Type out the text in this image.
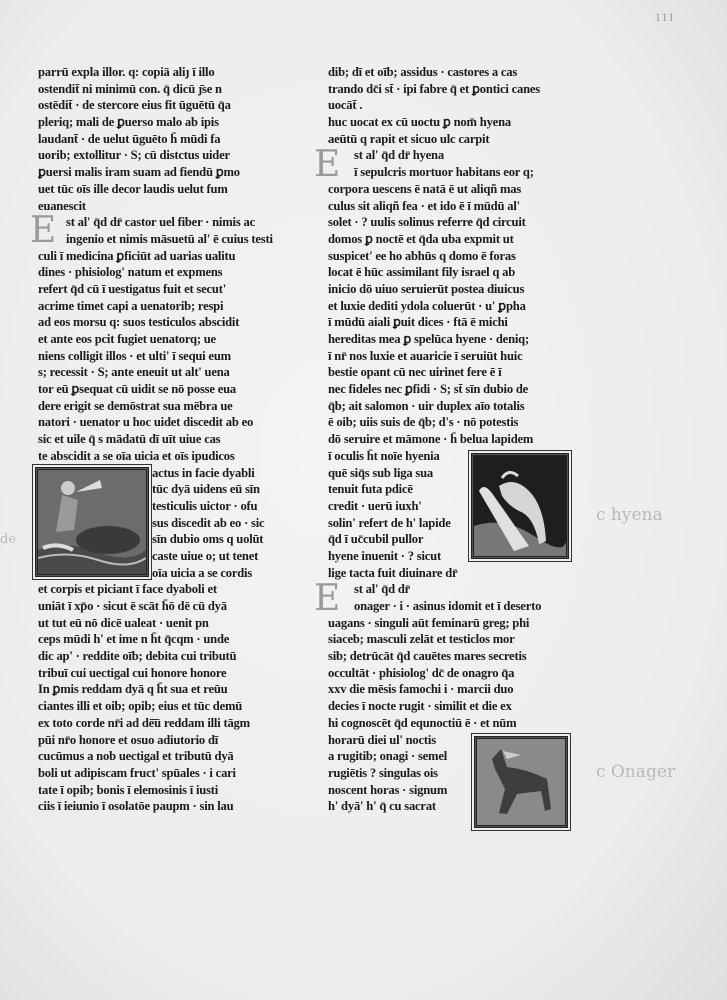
111
E
parrū expla illor. q: copiā aliȷ ī illo
ostendit̄ ni minimū con. q̄ dicū ȷ̄se n
ostēdit̄ · de stercore eius fit ūguētū q̄a
pleriq; mali de ꝑuerso malo ab ipis
laudant̄ · de uelut ūguēto h̄ mūdi fa
uorib; extollitur · S; cū distctus uider
ꝑuersi malis iram suam ad fiendū ꝑmo
uet tūc oīs ille decor laudis uelut fum
euanescit
st al' q̄d dr̄ castor uel fiber · nimis ac
ingenio et nimis māsuetū al' ē cuius testi
culi ī medicina ꝑficiūt ad uarias ualitu
dines · phisiolog' natum et expmens
refert q̄d cū ī uestigatus fuit et secut'
acrime timet capi a uenatorib; respi
ad eos morsu q: suos testiculos abscidit
et ante eos pcit fugiet uenatorq; ue
niens colligit illos · et ulti' ī sequi eum
s; recessit · S; ante eneuit ut alt' uena
tor eū ꝑsequat cū uidit se nō posse eua
dere erigit se demōstrat sua mēbra ue
natori · uenator u hoc uidet discedit ab eo
sic et uile q̄ s mādatū dī uīt uiue cas
te abscidit a se oīa uicia et oīs ipudicos
actus in facie dyabli
tūc dyā uidens eū sīn
testiculis uictor · ofu
sus discedit ab eo · sic
sīn dubio oms q uolūt
caste uiue o; ut tenet
oīa uicia a se cordis
et corpis et piciant ī face dyaboli et
uniāt ī xp̄o · sicut ē scāt h̄ō dē cū dyā
ut tut eū nō dicē ualeat · uenit pn
ceps mūdi h' et ime n h̄t q̄cqm · unde
dic ap' · reddite oīb; debita cui tributū
tribuī cui uectigal cui honore honore
In ꝑmis reddam dyā q h̄t sua et reūu
ciantes illi et oib; opib; eius et tūc demū
ex toto corde nr̄i ad dē̄ū reddam illi tāgm
pūi nr̄o honore et osuo adiutorio dī
cucūmus a nob uectigal et tributū dyā
boli ut adipiscam fruct' spūales · i cari
tate ī opib; bonis ī elemosinis ī iusti
ciis ī ieiunio ī osolatōe paupm · sin lau
E
E
dib; dī et oīb; assidus · castores a cas
trando dc̄i st̄ · ipi fabre q̄ et ꝑontici canes
uocāt̄ .
huc uocat ex cū uoctu ꝑ nom̄ hyena
aeūtū q rapit et sicuo ulc carpit
st al' q̄d dr̄ hyena
ī sepulcris mortuor habitans eor q;
corpora uescens ē natā ē ut aliqñ mas
culus sit aliqñ fea · et ido ē ī mūdū al'
solet · ? uulis solinus referre q̄d circuit
domos ꝑ noctē et q̄da uba expmit ut
suspicet' ee ho abhūs q domo ē foras
locat ē hūc assimilant fily israel q ab
inicio dō uiuo seruierūt postea diuicus
et luxie dediti ydola coluerūt · u' ꝑpha
ī mūdū aiali ꝑuit dices · ftā ē michi
hereditas mea ꝑ spelūca hyene · deniq;
ī nr̄ nos luxie et auaricie ī seruiūt huic
bestie opant cū nec uirinet fere ē ī
nec fideles nec ꝑfidi · S; st̄ sīn dubio de
q̄b; ait salomon · uir duplex aīo totalis
ē oib; uiis suis de q̄b; d's · nō potestis
dō seruire et māmone · h̄ belua lapidem
ī oculis h̄t noīe hyenia
quē siq̄s sub liga sua
tenuit futa pdicē
credit · uerū iuxh'
solin' refert de h' lapide
q̄d ī uc̄cubil pullor
hyene inuenit · ? sicut
lige tacta fuit diuinare dr̄
st al' q̄d dr̄
onager · i · asinus idomit et ī deserto
uagans · singuli aūt feminarū greg; phi
siaceb; masculi zelāt et testiclos mor
sib; detrūcāt q̄d cauētes mares secretis
occultāt · phisiolog' dc̄ de onagro q̄a
xxv die mēsis famochi i · marcii duo
decies ī nocte rugit · similit et die ex
hi cognoscēt q̄d equnoctiū ē · et nūm
horarū diei ul' noctis
a rugitib; onagi · semel
rugiētis ? singulas ois
noscent horas · signum
h' dyā' h' q̄ cu sacrat
c hyena
c Onager
de
